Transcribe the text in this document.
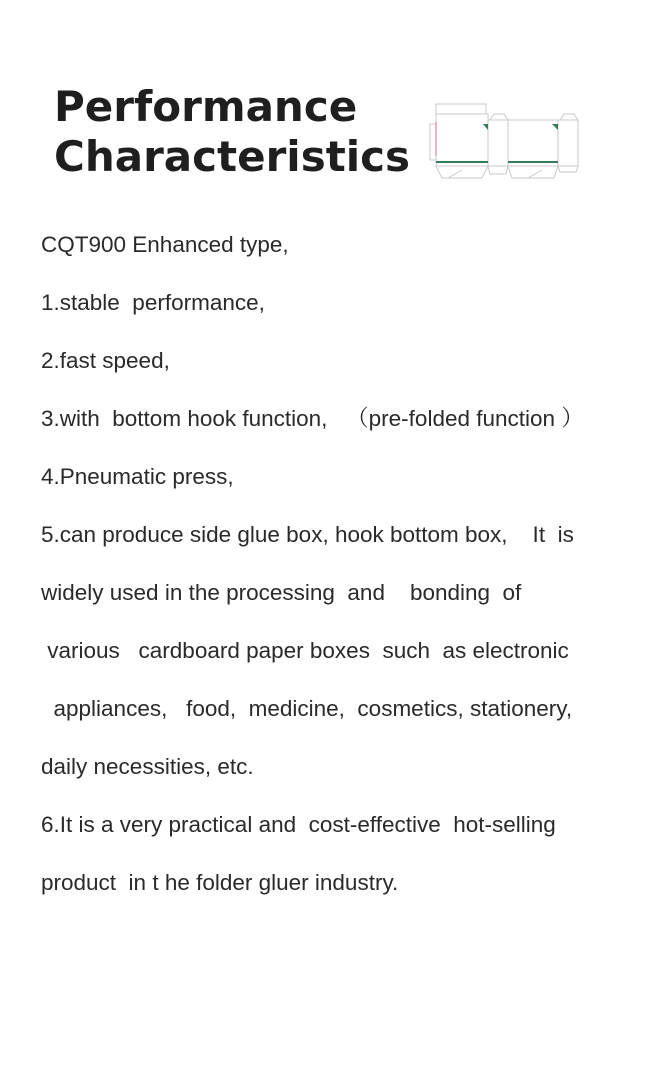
Performance
Characteristics
CQT900 Enhanced type,
1.stable  performance,
2.fast speed,
3.with  bottom hook function,   （pre-folded function ）
4.Pneumatic press,
5.can produce side glue box, hook bottom box,    It  is
widely used in the processing  and    bonding  of
various   cardboard paper boxes  such  as electronic
appliances,   food,  medicine,  cosmetics, stationery,
daily necessities, etc.
6.It is a very practical and  cost-effective  hot-selling
product  in t he folder gluer industry.
